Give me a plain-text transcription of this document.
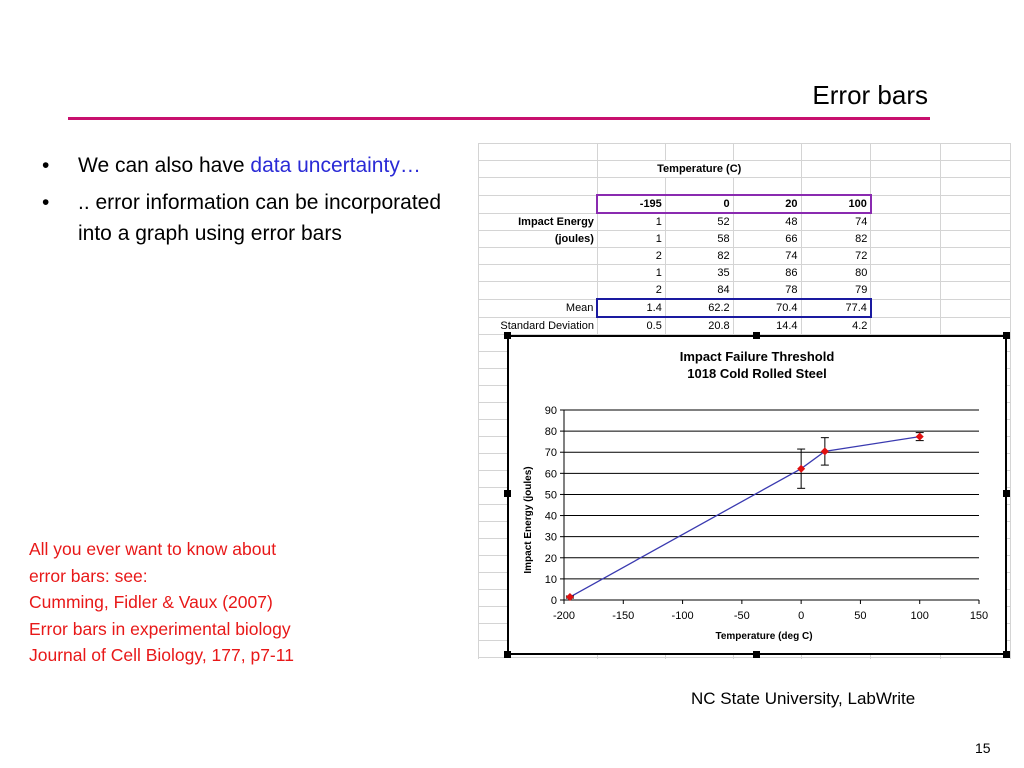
Error bars
• We can also have data uncertainty…
• .. error information can be incorporated into a graph using error bars
All you ever want to know about
error bars: see:
Cumming, Fidler & Vaux (2007)
Error bars in experimental biology
Journal of Cell Biology, 177, p7-11

	Temperature (C)					

	-195	0	20	100		
Impact Energy	1	52	48	74		
(joules)	1	58	66	82		
	2	82	74	72		
	1	35	86	80		
	2	84	78	79		
Mean	1.4	62.2	70.4	77.4		
Standard Deviation	0.5	20.8	14.4	4.2		

Impact Failure Threshold
1018 Cold Rolled Steel
-200	-150	-100	-50	0	50	100	150
0
10
20
30
40
50
60
70
80
90
Temperature (deg C)
Impact Energy (joules)
NC State University, LabWrite
15
